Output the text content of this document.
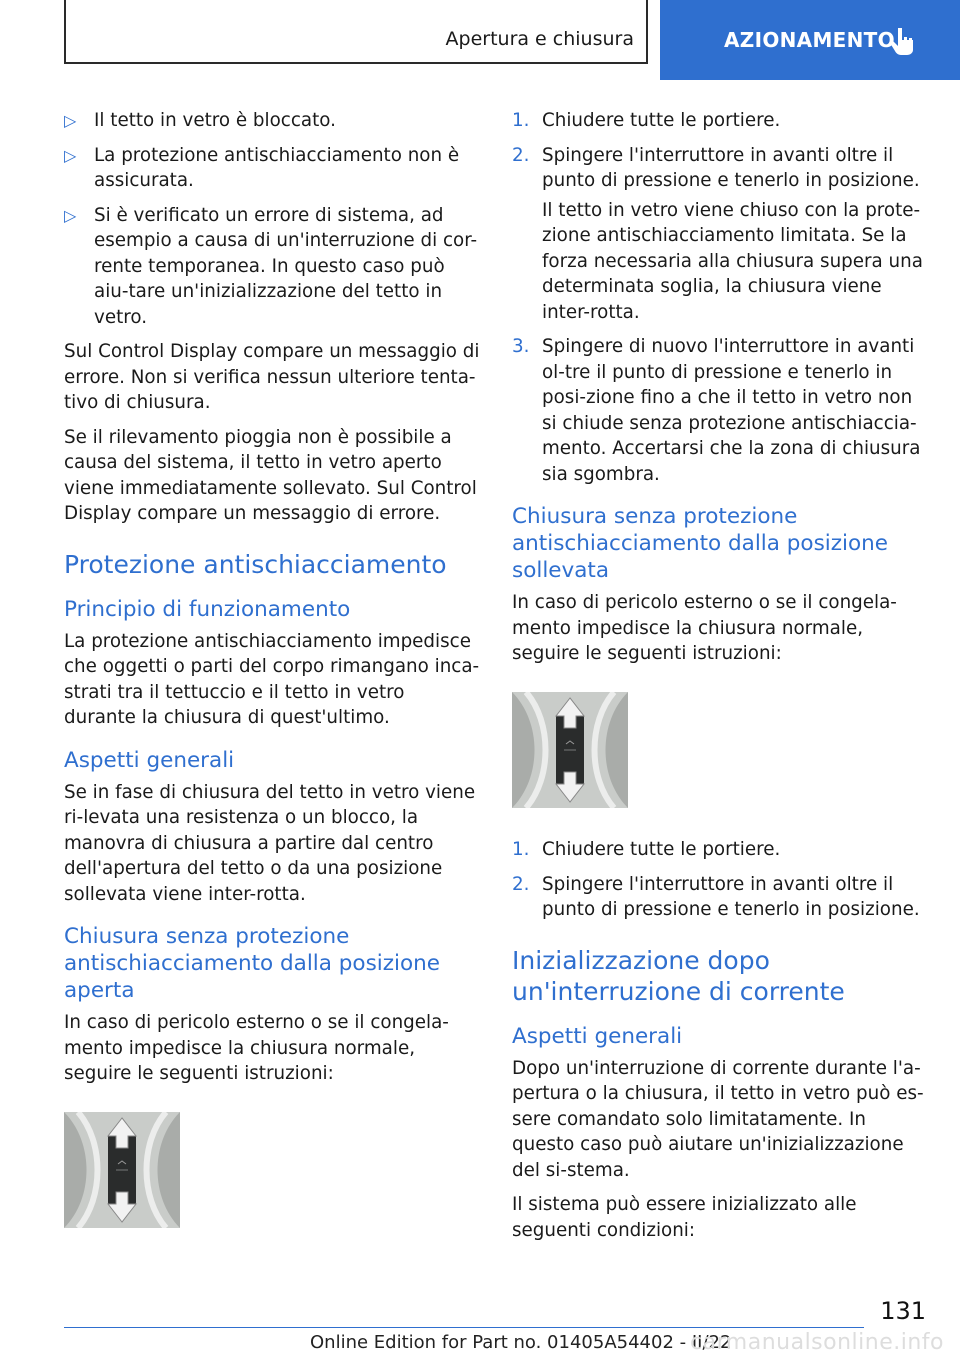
Apertura e chiusura	AZIONAMENTO
▷ Il tetto in vetro è bloccato.
▷ La protezione antischiacciamento non è assicurata.
▷ Si è verificato un errore di sistema, ad esempio a causa di un'interruzione di cor-rente temporanea. In questo caso può aiu-tare un'inizializzazione del tetto in vetro.

Sul Control Display compare un messaggio di errore. Non si verifica nessun ulteriore tenta-tivo di chiusura.

Se il rilevamento pioggia non è possibile a causa del sistema, il tetto in vetro aperto viene immediatamente sollevato. Sul Control Display compare un messaggio di errore.

Protezione antischiacciamento
Principio di funzionamento

La protezione antischiacciamento impedisce che oggetti o parti del corpo rimangano inca-strati tra il tettuccio e il tetto in vetro durante la chiusura di quest'ultimo.

Aspetti generali

Se in fase di chiusura del tetto in vetro viene ri-levata una resistenza o un blocco, la manovra di chiusura a partire dal centro dell'apertura del tetto o da una posizione sollevata viene inter-rotta.

Chiusura senza protezione antischiacciamento dalla posizione aperta

In caso di pericolo esterno o se il congela-mento impedisce la chiusura normale, seguire le seguenti istruzioni:

1. Chiudere tutte le portiere.
2. Spingere l'interruttore in avanti oltre il punto di pressione e tenerlo in posizione.
Il tetto in vetro viene chiuso con la prote-zione antischiacciamento limitata. Se la forza necessaria alla chiusura supera una determinata soglia, la chiusura viene inter-rotta.
3. Spingere di nuovo l'interruttore in avanti ol-tre il punto di pressione e tenerlo in posi-zione fino a che il tetto in vetro non si chiude senza protezione antischiaccia-mento. Accertarsi che la zona di chiusura sia sgombra.
Chiusura senza protezione antischiacciamento dalla posizione sollevata

In caso di pericolo esterno o se il congela-mento impedisce la chiusura normale, seguire le seguenti istruzioni:

1. Chiudere tutte le portiere.
2. Spingere l'interruttore in avanti oltre il punto di pressione e tenerlo in posizione.
Inizializzazione dopo un'interruzione di corrente
Aspetti generali

Dopo un'interruzione di corrente durante l'a-pertura o la chiusura, il tetto in vetro può es-sere comandato solo limitatamente. In questo caso può aiutare un'inizializzazione del si-stema.

Il sistema può essere inizializzato alle seguenti condizioni:

131
Online Edition for Part no. 01405A54402 - II/22
carmanualsonline.info
